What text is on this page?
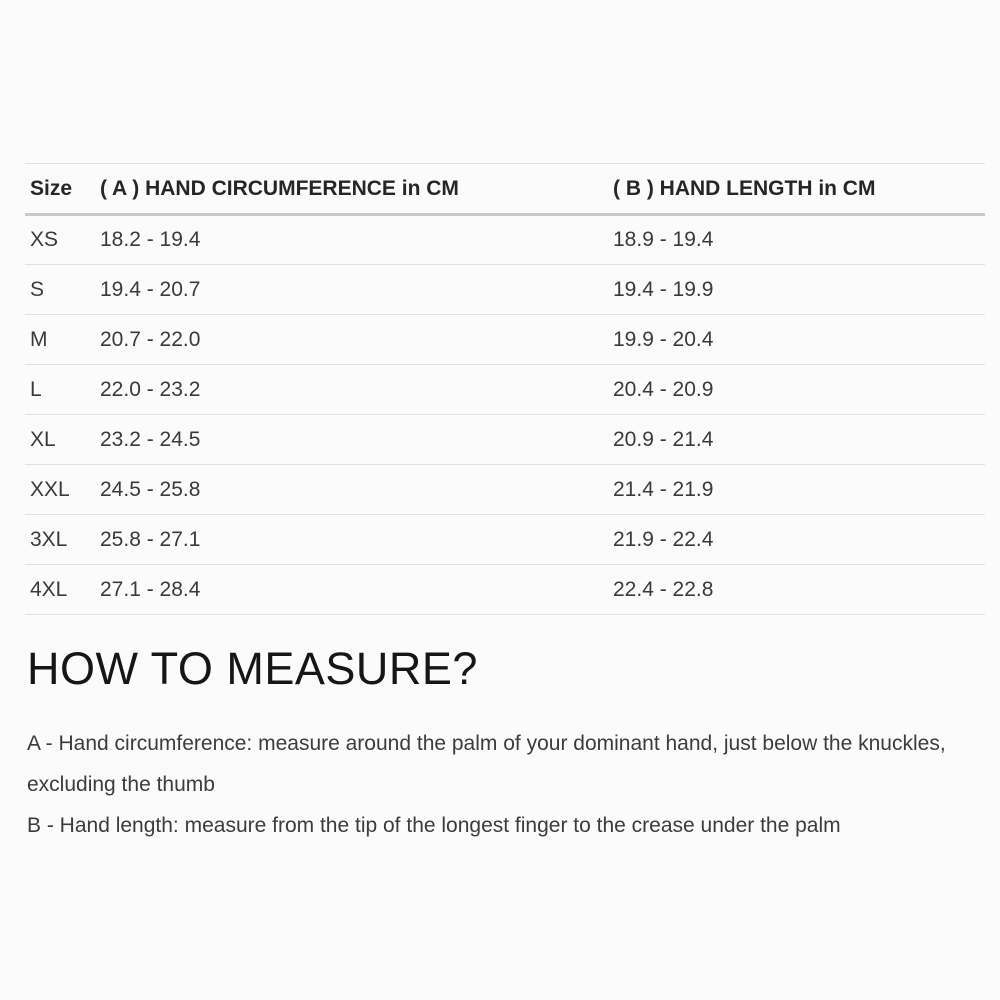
Size	( A ) HAND CIRCUMFERENCE in CM	( B ) HAND LENGTH in CM
XS	18.2 - 19.4	18.9 - 19.4
S	19.4 - 20.7	19.4 - 19.9
M	20.7 - 22.0	19.9 - 20.4
L	22.0 - 23.2	20.4 - 20.9
XL	23.2 - 24.5	20.9 - 21.4
XXL	24.5 - 25.8	21.4 - 21.9
3XL	25.8 - 27.1	21.9 - 22.4
4XL	27.1 - 28.4	22.4 - 22.8
HOW TO MEASURE?

A - Hand circumference: measure around the palm of your dominant hand, just below the knuckles, excluding the thumb

B - Hand length: measure from the tip of the longest finger to the crease under the palm
